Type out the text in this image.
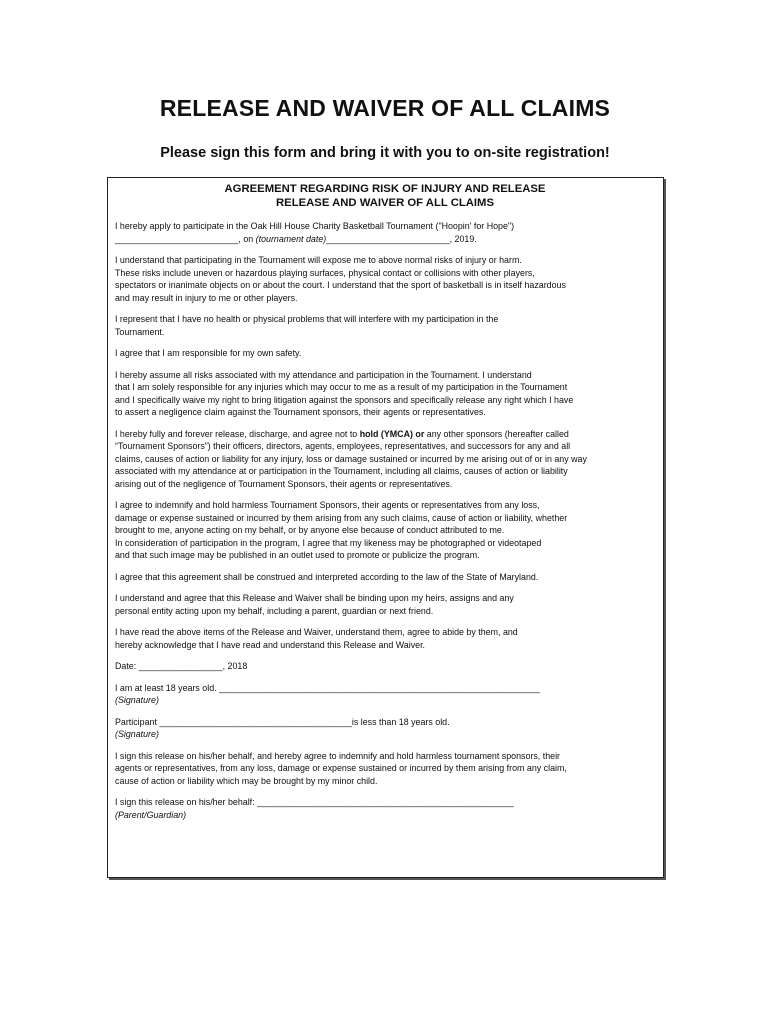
RELEASE AND WAIVER OF ALL CLAIMS
Please sign this form and bring it with you to on-site registration!
AGREEMENT REGARDING RISK OF INJURY AND RELEASE
RELEASE AND WAIVER OF ALL CLAIMS
I hereby apply to participate in the Oak Hill House Charity Basketball Tournament ("Hoopin' for Hope")
_________________________, on (tournament date)_________________________, 2019.
I understand that participating in the Tournament will expose me to above normal risks of injury or harm.
These risks include uneven or hazardous playing surfaces, physical contact or collisions with other players,
spectators or inanimate objects on or about the court. I understand that the sport of basketball is in itself hazardous
and may result in injury to me or other players.
I represent that I have no health or physical problems that will interfere with my participation in the
Tournament.
I agree that I am responsible for my own safety.
I hereby assume all risks associated with my attendance and participation in the Tournament. I understand
that I am solely responsible for any injuries which may occur to me as a result of my participation in the Tournament
and I specifically waive my right to bring litigation against the sponsors and specifically release any right which I have
to assert a negligence claim against the Tournament sponsors, their agents or representatives.
I hereby fully and forever release, discharge, and agree not to hold (YMCA) or any other sponsors (hereafter called
“Tournament Sponsors”) their officers, directors, agents, employees, representatives, and successors for any and all
claims, causes of action or liability for any injury, loss or damage sustained or incurred by me arising out of or in any way
associated with my attendance at or participation in the Tournament, including all claims, causes of action or liability
arising out of the negligence of Tournament Sponsors, their agents or representatives.
I agree to indemnify and hold harmless Tournament Sponsors, their agents or representatives from any loss,
damage or expense sustained or incurred by them arising from any such claims, cause of action or liability, whether
brought to me, anyone acting on my behalf, or by anyone else because of conduct attributed to me.
In consideration of participation in the program, I agree that my likeness may be photographed or videotaped
and that such image may be published in an outlet used to promote or publicize the program.
I agree that this agreement shall be construed and interpreted according to the law of the State of Maryland.
I understand and agree that this Release and Waiver shall be binding upon my heirs, assigns and any
personal entity acting upon my behalf, including a parent, guardian or next friend.
I have read the above items of the Release and Waiver, understand them, agree to abide by them, and
hereby acknowledge that I have read and understand this Release and Waiver.
Date: _________________, 2018
I am at least 18 years old. _________________________________________________________________
(Signature)
Participant _______________________________________is less than 18 years old.
(Signature)
I sign this release on his/her behalf, and hereby agree to indemnify and hold harmless tournament sponsors, their
agents or representatives, from any loss, damage or expense sustained or incurred by them arising from any claim,
cause of action or liability which may be brought by my minor child.
I sign this release on his/her behalf: ____________________________________________________
(Parent/Guardian)
